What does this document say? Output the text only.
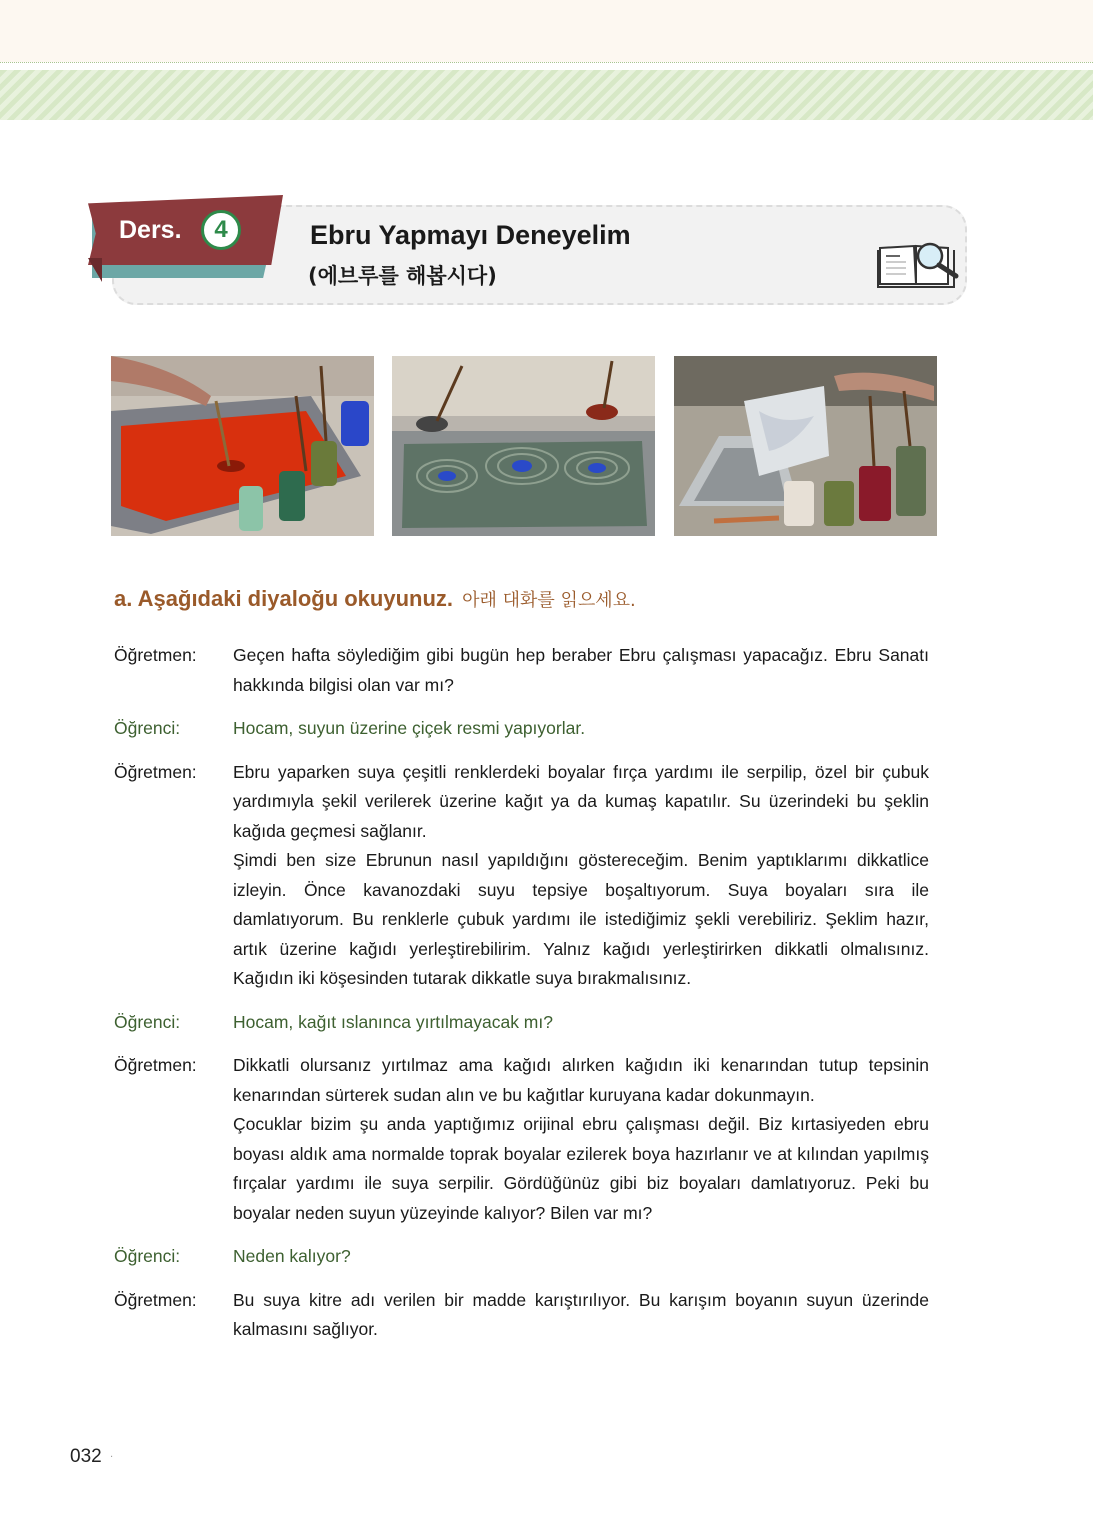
Ders.	4	Ebru Yapmayı Deneyelim
(에브루를 해봅시다)
a. Aşağıdaki diyaloğu okuyunuz. 아래 대화를 읽으세요.
Öğretmen:	Geçen hafta söylediğim gibi bugün hep beraber Ebru çalışması yapacağız. Ebru Sanatı hakkında bilgisi olan var mı?

Öğrenci:	Hocam, suyun üzerine çiçek resmi yapıyorlar.

Öğretmen:	Ebru yaparken suya çeşitli renklerdeki boyalar fırça yardımı ile serpilip, özel bir çubuk yardımıyla şekil verilerek üzerine kağıt ya da kumaş kapatılır. Su üzerindeki bu şeklin kağıda geçmesi sağlanır.

Şimdi ben size Ebrunun nasıl yapıldığını göstereceğim. Benim yaptıklarımı dikkatlice izleyin. Önce kavanozdaki suyu tepsiye boşaltıyorum. Suya boyaları sıra ile damlatıyorum. Bu renklerle çubuk yardımı ile istediğimiz şekli verebiliriz. Şeklim hazır, artık üzerine kağıdı yerleştirebilirim. Yalnız kağıdı yerleştirirken dikkatli olmalısınız. Kağıdın iki köşesinden tutarak dikkatle suya bırakmalısınız.

Öğrenci:	Hocam, kağıt ıslanınca yırtılmayacak mı?

Öğretmen:	Dikkatli olursanız yırtılmaz ama kağıdı alırken kağıdın iki kenarından tutup tepsinin kenarından sürterek sudan alın ve bu kağıtlar kuruyana kadar dokunmayın.

Çocuklar bizim şu anda yaptığımız orijinal ebru çalışması değil. Biz kırtasiyeden ebru boyası aldık ama normalde toprak boyalar ezilerek boya hazırlanır ve at kılından yapılmış fırçalar yardımı ile suya serpilir. Gördüğünüz gibi biz boyaları damlatıyoruz. Peki bu boyalar neden suyun yüzeyinde kalıyor? Bilen var mı?

Öğrenci:	Neden kalıyor?

Öğretmen:	Bu suya kitre adı verilen bir madde karıştırılıyor. Bu karışım boyanın suyun üzerinde kalmasını sağlıyor.

032 ·
